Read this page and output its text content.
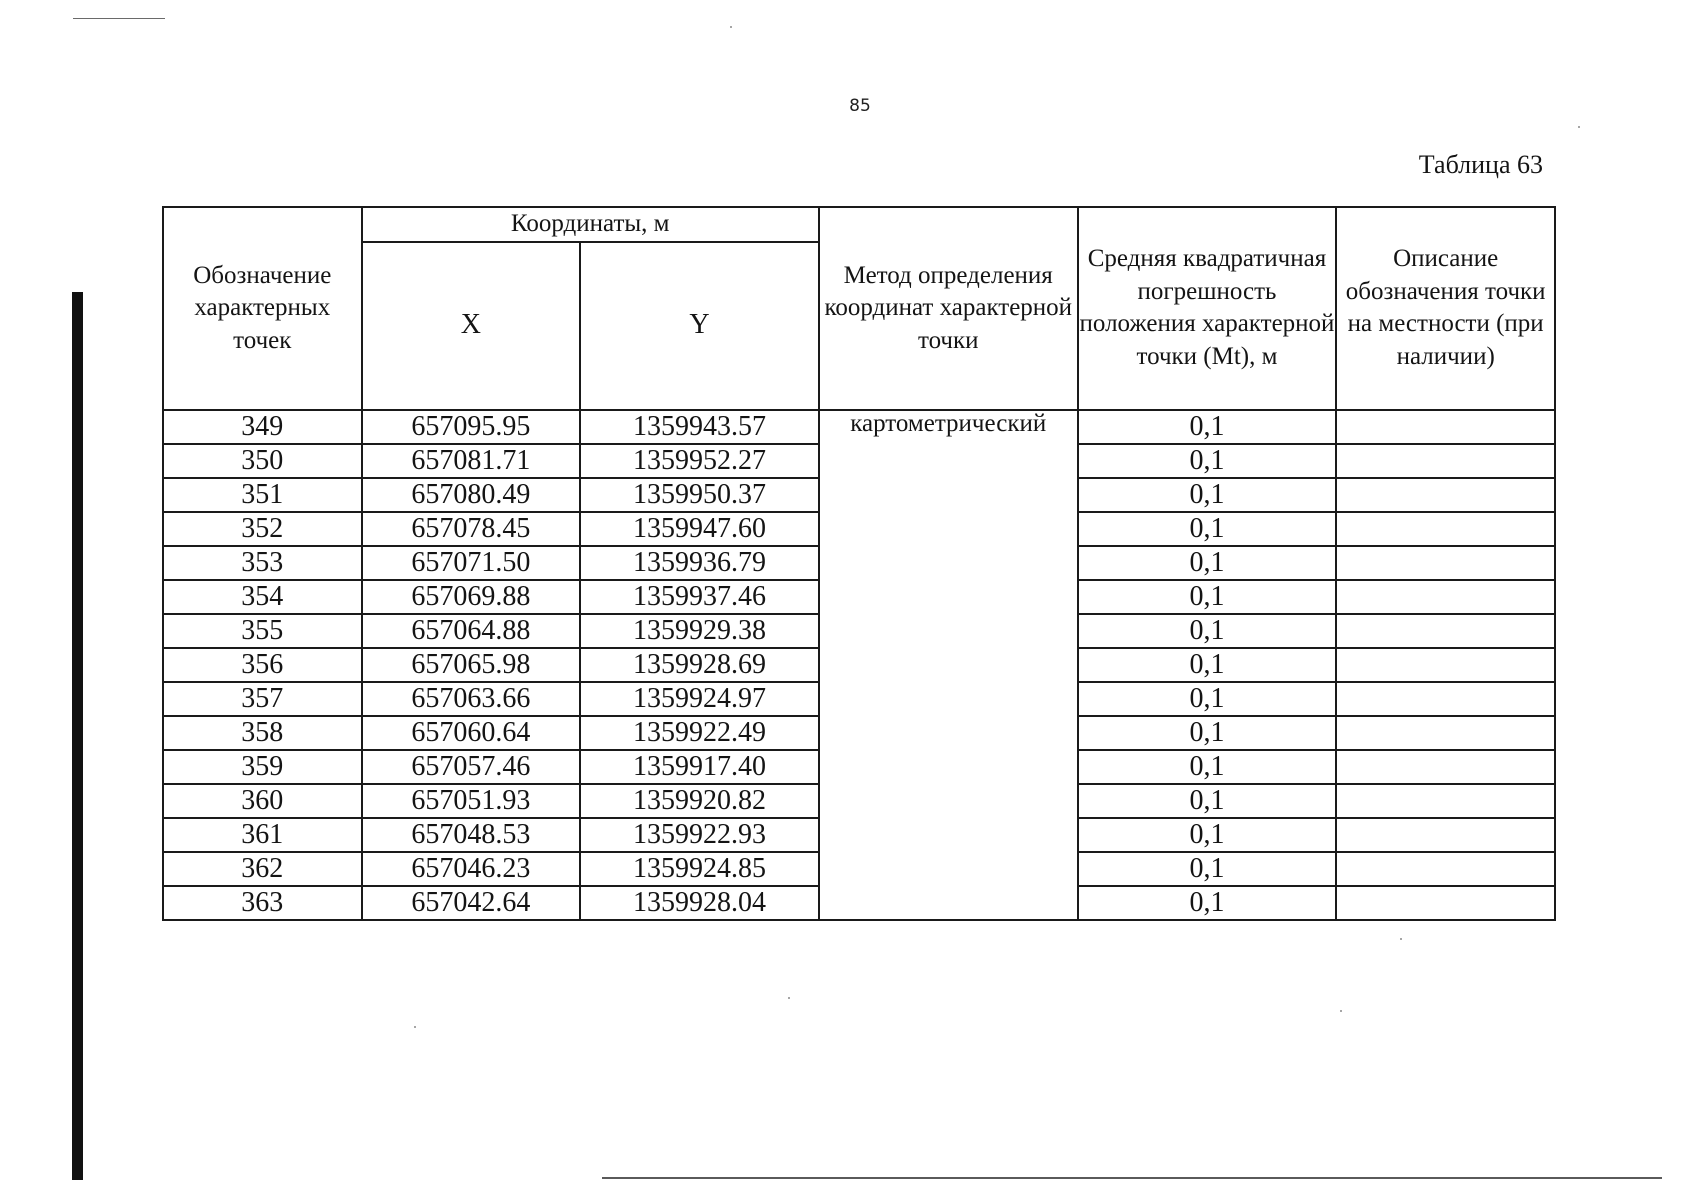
85
Таблица 63
Обозначение характерных точек	Координаты, м		Метод определения координат характерной точки	Средняя квадратичная погрешность положения характерной точки (Mt), м	Описание обозначения точки на местности (при наличии)
	X	Y			
349	657095.95	1359943.57	картометрический	0,1	
350	657081.71	1359952.27		0,1	
351	657080.49	1359950.37		0,1	
352	657078.45	1359947.60		0,1	
353	657071.50	1359936.79		0,1	
354	657069.88	1359937.46		0,1	
355	657064.88	1359929.38		0,1	
356	657065.98	1359928.69		0,1	
357	657063.66	1359924.97		0,1	
358	657060.64	1359922.49		0,1	
359	657057.46	1359917.40		0,1	
360	657051.93	1359920.82		0,1	
361	657048.53	1359922.93		0,1	
362	657046.23	1359924.85		0,1	
363	657042.64	1359928.04		0,1	
